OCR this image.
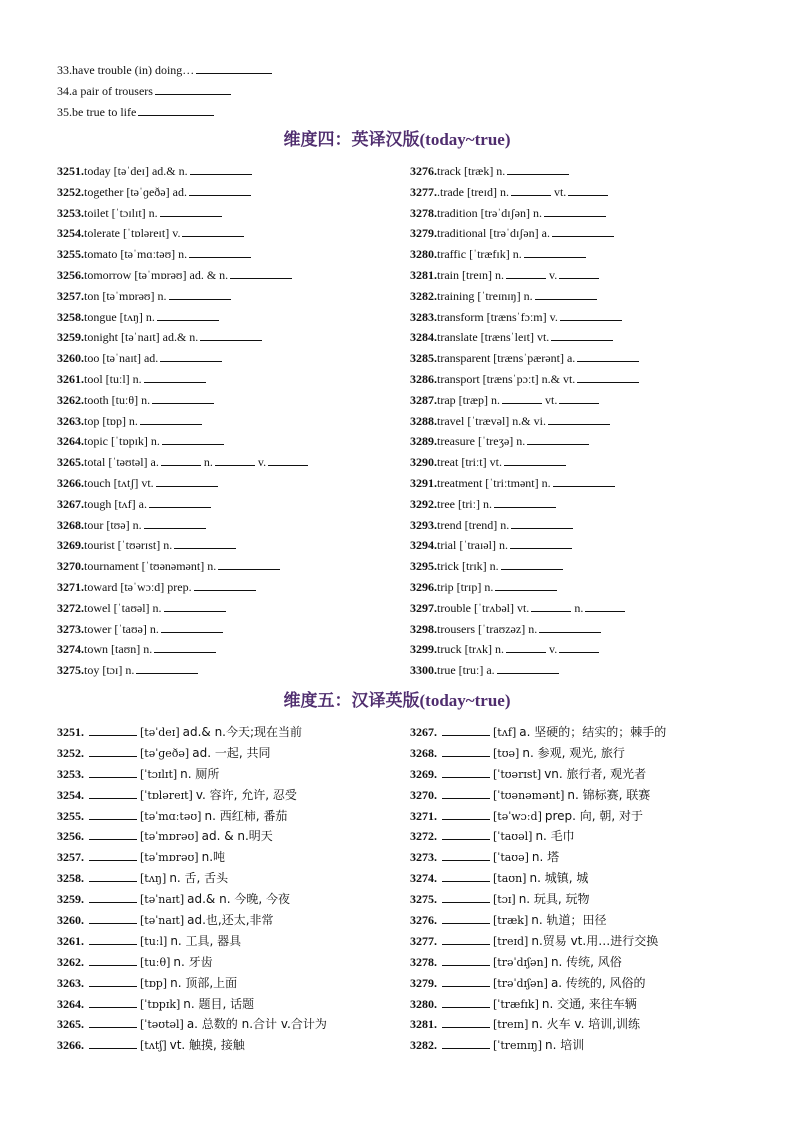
33.have trouble (in) doing…
34.a pair of trousers
35.be true to life
维度四：英译汉版(today~true)
3251.today [təˈdeɪ] ad.& n.
3252.together [təˈɡeðə] ad.
3253.toilet [ˈtɔɪlɪt] n.
3254.tolerate [ˈtɒləreɪt] v.
3255.tomato [təˈmɑːtəʊ] n.
3256.tomorrow [təˈmɒrəʊ] ad. & n.
3257.ton [təˈmɒrəʊ] n.
3258.tongue [tʌŋ] n.
3259.tonight [təˈnaɪt] ad.& n.
3260.too [təˈnaɪt] ad.
3261.tool [tuːl] n.
3262.tooth [tuːθ] n.
3263.top [tɒp] n.
3264.topic [ˈtɒpɪk] n.
3265.total [ˈtəʊtəl] a.	n.	v.
3266.touch [tʌtʃ] vt.
3267.tough [tʌf] a.
3268.tour [tʊə] n.
3269.tourist [ˈtʊərɪst] n.
3270.tournament [ˈtʊənəmənt] n.
3271.toward [təˈwɔːd] prep.
3272.towel [ˈtaʊəl] n.
3273.tower [ˈtaʊə] n.
3274.town [taʊn] n.
3275.toy [tɔɪ] n.
3276.track [træk] n.
3277..trade [treɪd] n.	vt.
3278.tradition [trəˈdɪʃən] n.
3279.traditional [trəˈdɪʃən] a.
3280.traffic [ˈtræfɪk] n.
3281.train [treɪn] n.	v.
3282.training [ˈtreɪnɪŋ] n.
3283.transform [trænsˈfɔːm] v.
3284.translate [trænsˈleɪt] vt.
3285.transparent [trænsˈpærənt] a.
3286.transport [trænsˈpɔːt] n.& vt.
3287.trap [træp] n.	vt.
3288.travel [ˈtrævəl] n.& vi.
3289.treasure [ˈtreʒə] n.
3290.treat [triːt] vt.
3291.treatment [ˈtriːtmənt] n.
3292.tree [triː] n.
3293.trend [trend] n.
3294.trial [ˈtraɪəl] n.
3295.trick [trɪk] n.
3296.trip [trɪp] n.
3297.trouble [ˈtrʌbəl] vt.	n.
3298.trousers [ˈtraʊzəz] n.
3299.truck [trʌk] n.	v.
3300.true [truː] a.
维度五：汉译英版(today~true)
3251.	[təˈdeɪ] ad.& n.今天;现在当前
3252.	[təˈɡeðə] ad. 一起, 共同
3253.	[ˈtɔɪlɪt] n. 厕所
3254.	[ˈtɒləreɪt] v. 容许, 允许, 忍受
3255.	[təˈmɑːtəʊ] n. 西红柿, 番茄
3256.	[təˈmɒrəʊ] ad. & n.明天
3257.	[təˈmɒrəʊ] n.吨
3258.	[tʌŋ] n. 舌, 舌头
3259.	[təˈnaɪt] ad.& n. 今晚, 今夜
3260.	[təˈnaɪt] ad.也,还太,非常
3261.	[tuːl] n. 工具, 器具
3262.	[tuːθ] n. 牙齿
3263.	[tɒp] n. 顶部,上面
3264.	[ˈtɒpɪk] n. 题目, 话题
3265.	[ˈtəʊtəl] a. 总数的 n.合计 v.合计为
3266.	[tʌtʃ] vt. 触摸, 接触
3267.	[tʌf] a. 坚硬的；结实的；棘手的
3268.	[tʊə] n. 参观, 观光, 旅行
3269.	[ˈtʊərɪst] vn. 旅行者, 观光者
3270.	[ˈtʊənəmənt] n. 锦标赛, 联赛
3271.	[təˈwɔːd] prep. 向, 朝, 对于
3272.	[ˈtaʊəl] n. 毛巾
3273.	[ˈtaʊə] n. 塔
3274.	[taʊn] n. 城镇, 城
3275.	[tɔɪ] n. 玩具, 玩物
3276.	[træk] n. 轨道；田径
3277.	[treɪd] n.贸易 vt.用…进行交换
3278.	[trəˈdɪʃən] n. 传统, 风俗
3279.	[trəˈdɪʃən] a. 传统的, 风俗的
3280.	[ˈtræfɪk] n. 交通, 来往车辆
3281.	[treɪn] n. 火车 v. 培训,训练
3282.	[ˈtreɪnɪŋ] n. 培训
